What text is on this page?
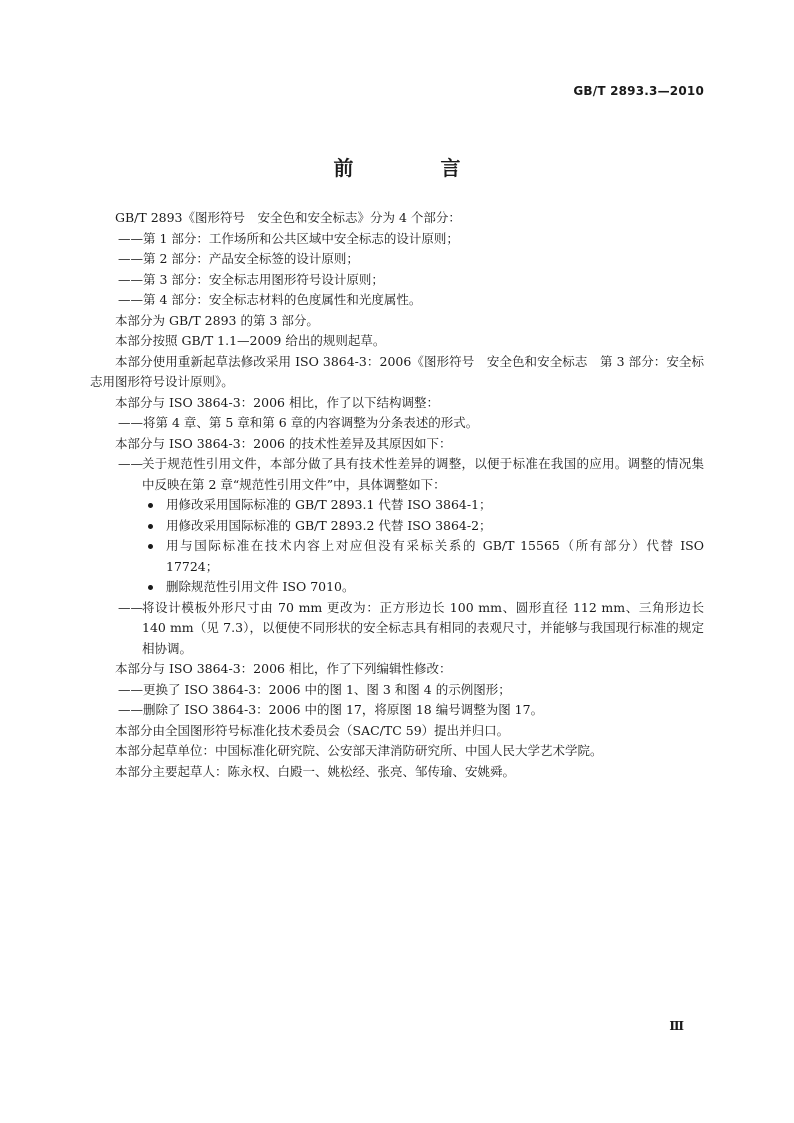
GB/T 2893.3—2010
前 言
GB/T 2893《图形符号　安全色和安全标志》分为 4 个部分：
——第 1 部分：工作场所和公共区域中安全标志的设计原则；
——第 2 部分：产品安全标签的设计原则；
——第 3 部分：安全标志用图形符号设计原则；
——第 4 部分：安全标志材料的色度属性和光度属性。
本部分为 GB/T 2893 的第 3 部分。
本部分按照 GB/T 1.1—2009 给出的规则起草。
本部分使用重新起草法修改采用 ISO 3864-3：2006《图形符号　安全色和安全标志　第 3 部分：安全标志用图形符号设计原则》。
本部分与 ISO 3864-3：2006 相比，作了以下结构调整：
——将第 4 章、第 5 章和第 6 章的内容调整为分条表述的形式。
本部分与 ISO 3864-3：2006 的技术性差异及其原因如下：
—— 关于规范性引用文件，本部分做了具有技术性差异的调整，以便于标准在我国的应用。调整的情况集中反映在第 2 章“规范性引用文件”中，具体调整如下：
用修改采用国际标准的 GB/T 2893.1 代替 ISO 3864-1；
用修改采用国际标准的 GB/T 2893.2 代替 ISO 3864-2；
用与国际标准在技术内容上对应但没有采标关系的 GB/T 15565（所有部分）代替 ISO 17724；
删除规范性引用文件 ISO 7010。
—— 将设计模板外形尺寸由 70 mm 更改为：正方形边长 100 mm、圆形直径 112 mm、三角形边长 140 mm（见 7.3），以便使不同形状的安全标志具有相同的表观尺寸，并能够与我国现行标准的规定相协调。
本部分与 ISO 3864-3：2006 相比，作了下列编辑性修改：
——更换了 ISO 3864-3：2006 中的图 1、图 3 和图 4 的示例图形；
——删除了 ISO 3864-3：2006 中的图 17，将原图 18 编号调整为图 17。
本部分由全国图形符号标准化技术委员会（SAC/TC 59）提出并归口。
本部分起草单位：中国标准化研究院、公安部天津消防研究所、中国人民大学艺术学院。
本部分主要起草人：陈永权、白殿一、姚松经、张亮、邹传瑜、安姚舜。
Ⅲ
